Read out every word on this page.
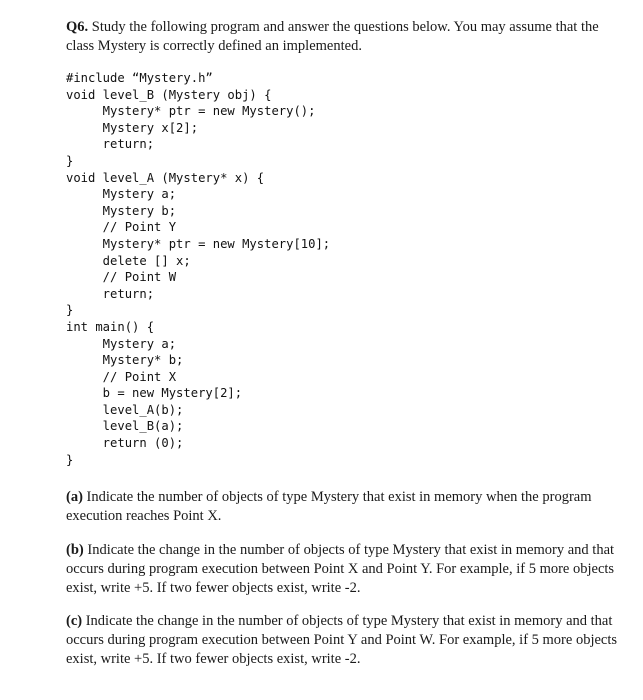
Q6. Study the following program and answer the questions below. You may assume that the class Mystery is correctly defined an implemented.
#include “Mystery.h”
void level_B (Mystery obj) {
Mystery* ptr = new Mystery();
Mystery x[2];
return;
}
void level_A (Mystery* x) {
Mystery a;
Mystery b;
// Point Y
Mystery* ptr = new Mystery[10];
delete [] x;
// Point W
return;
}
int main() {
Mystery a;
Mystery* b;
// Point X
b = new Mystery[2];
level_A(b);
level_B(a);
return (0);
}
(a) Indicate the number of objects of type Mystery that exist in memory when the program execution reaches Point X.
(b) Indicate the change in the number of objects of type Mystery that exist in memory and that occurs during program execution between Point X and Point Y. For example, if 5 more objects exist, write +5. If two fewer objects exist, write -2.
(c) Indicate the change in the number of objects of type Mystery that exist in memory and that occurs during program execution between Point Y and Point W. For example, if 5 more objects exist, write +5. If two fewer objects exist, write -2.
